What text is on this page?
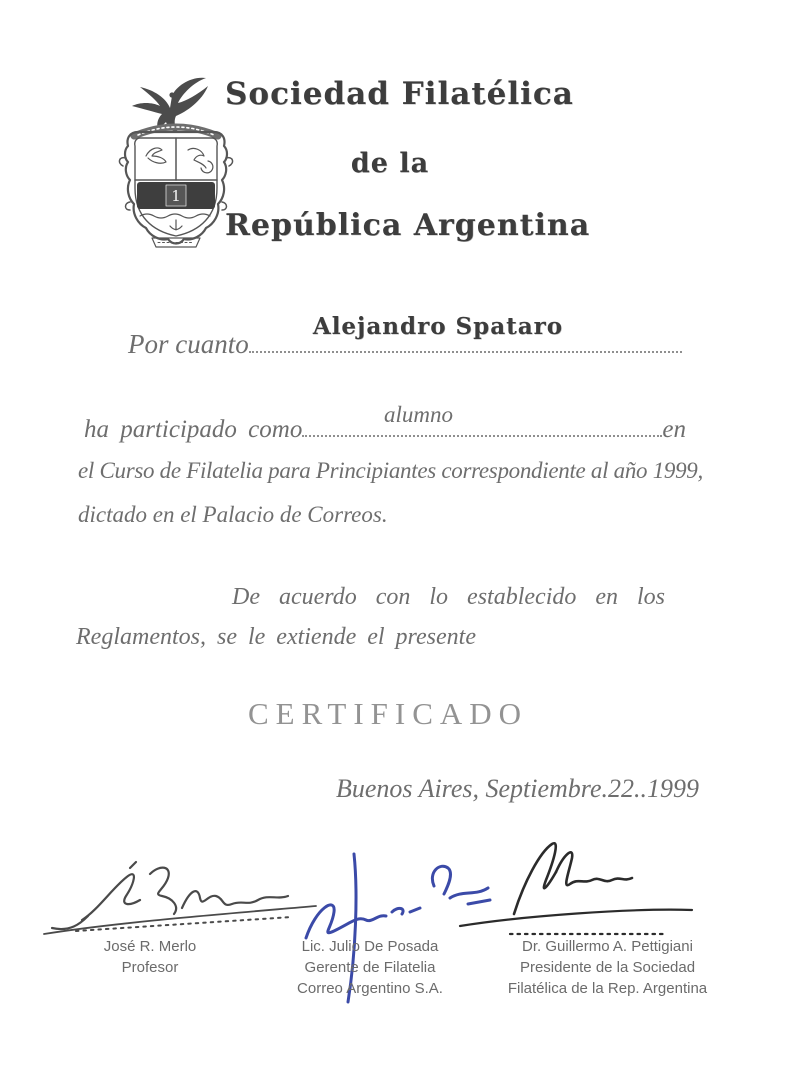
1
Sociedad Filatélica
de la
República Argentina
Por cuanto
Alejandro Spataro
ha participado como	en
alumno
el Curso de Filatelia para Principiantes correspondiente al año 1999,
dictado en el Palacio de Correos.
De acuerdo con lo establecido en los
Reglamentos, se le extiende el presente
CERTIFICADO
Buenos Aires, Septiembre.22..1999
José R. Merlo
Profesor
Lic. Julio De Posada
Gerente de Filatelia
Correo Argentino S.A.
Dr. Guillermo A. Pettigiani
Presidente de la Sociedad
Filatélica de la Rep. Argentina
